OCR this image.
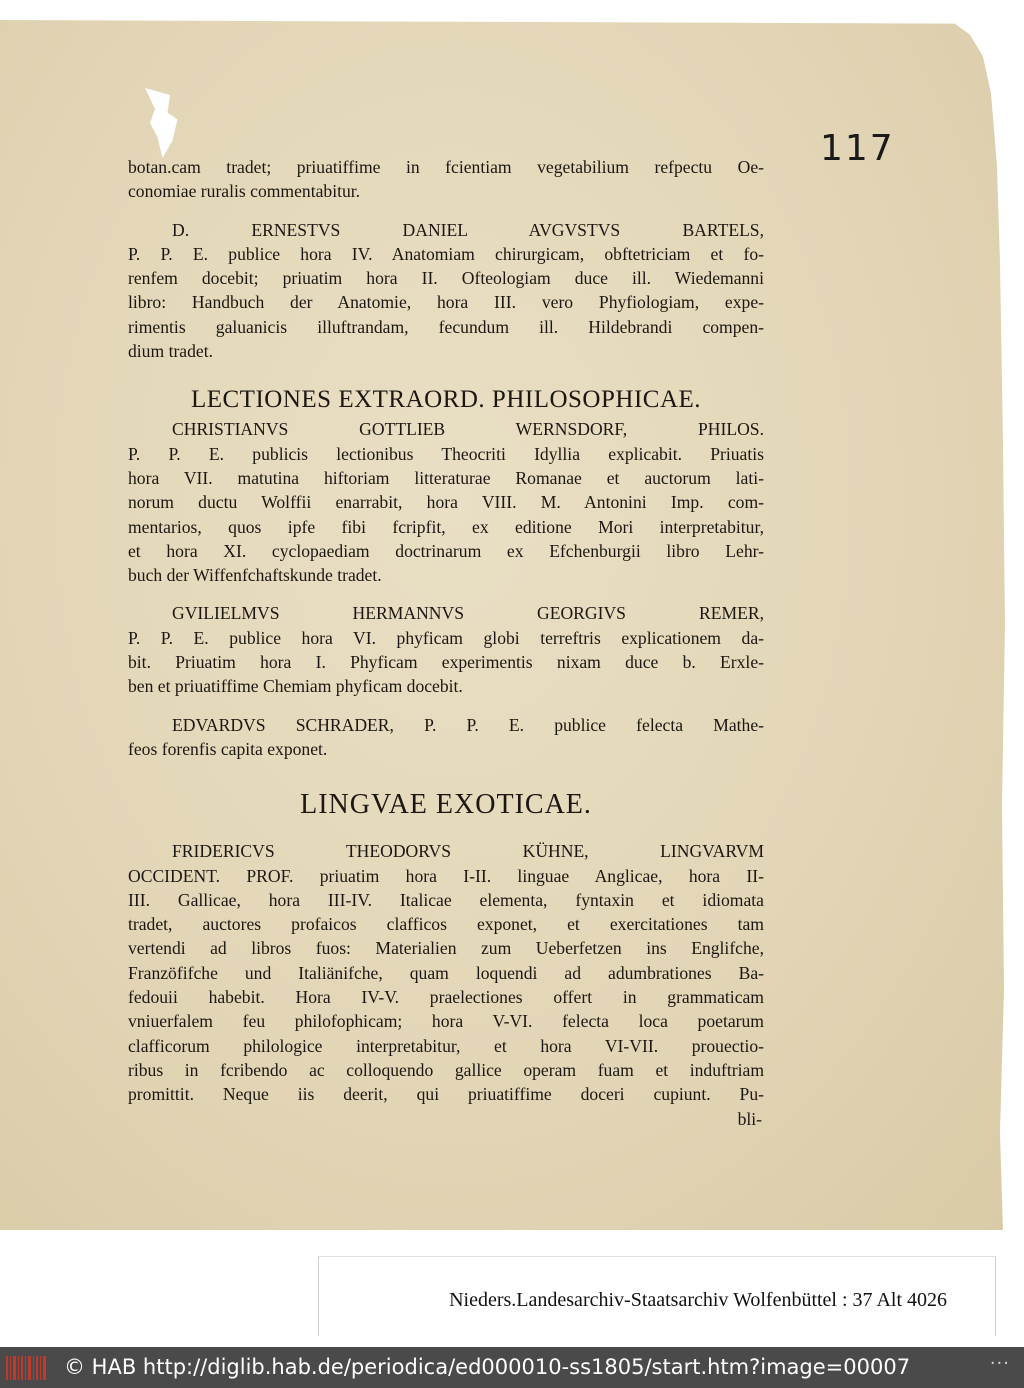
117
botan.cam tradet; priuatiffime in fcientiam vegetabilium refpectu Oe-
conomiae ruralis commentabitur.
D. ERNESTVS DANIEL AVGVSTVS BARTELS,
P. P. E. publice hora IV. Anatomiam chirurgicam, obftetriciam et fo-
renfem docebit; priuatim hora II. Ofteologiam duce ill. Wiedemanni
libro: Handbuch der Anatomie, hora III. vero Phyfiologiam, expe-
rimentis galuanicis illuftrandam, fecundum ill. Hildebrandi compen-
dium tradet.
LECTIONES EXTRAORD. PHILOSOPHICAE.
CHRISTIANVS GOTTLIEB WERNSDORF, PHILOS.
P. P. E. publicis lectionibus Theocriti Idyllia explicabit. Priuatis
hora VII. matutina hiftoriam litteraturae Romanae et auctorum lati-
norum ductu Wolffii enarrabit, hora VIII. M. Antonini Imp. com-
mentarios, quos ipfe fibi fcripfit, ex editione Mori interpretabitur,
et hora XI. cyclopaediam doctrinarum ex Efchenburgii libro Lehr-
buch der Wiffenfchaftskunde tradet.
GVILIELMVS HERMANNVS GEORGIVS REMER,
P. P. E. publice hora VI. phyficam globi terreftris explicationem da-
bit. Priuatim hora I. Phyficam experimentis nixam duce b. Erxle-
ben et priuatiffime Chemiam phyficam docebit.
EDVARDVS SCHRADER, P. P. E. publice felecta Mathe-
feos forenfis capita exponet.
LINGVAE EXOTICAE.
FRIDERICVS THEODORVS KÜHNE, LINGVARVM
OCCIDENT. PROF. priuatim hora I-II. linguae Anglicae, hora II-
III. Gallicae, hora III-IV. Italicae elementa, fyntaxin et idiomata
tradet, auctores profaicos clafficos exponet, et exercitationes tam
vertendi ad libros fuos: Materialien zum Ueberfetzen ins Englifche,
Franzöfifche und Italiänifche, quam loquendi ad adumbrationes Ba-
fedouii habebit. Hora IV-V. praelectiones offert in grammaticam
vniuerfalem feu philofophicam; hora V-VI. felecta loca poetarum
clafficorum philologice interpretabitur, et hora VI-VII. prouectio-
ribus in fcribendo ac colloquendo gallice operam fuam et induftriam
promittit. Neque iis deerit, qui priuatiffime doceri cupiunt. Pu-
bli-
Nieders.Landesarchiv-Staatsarchiv Wolfenbüttel : 37 Alt 4026
© HAB http://diglib.hab.de/periodica/ed000010-ss1805/start.htm?image=00007	···
